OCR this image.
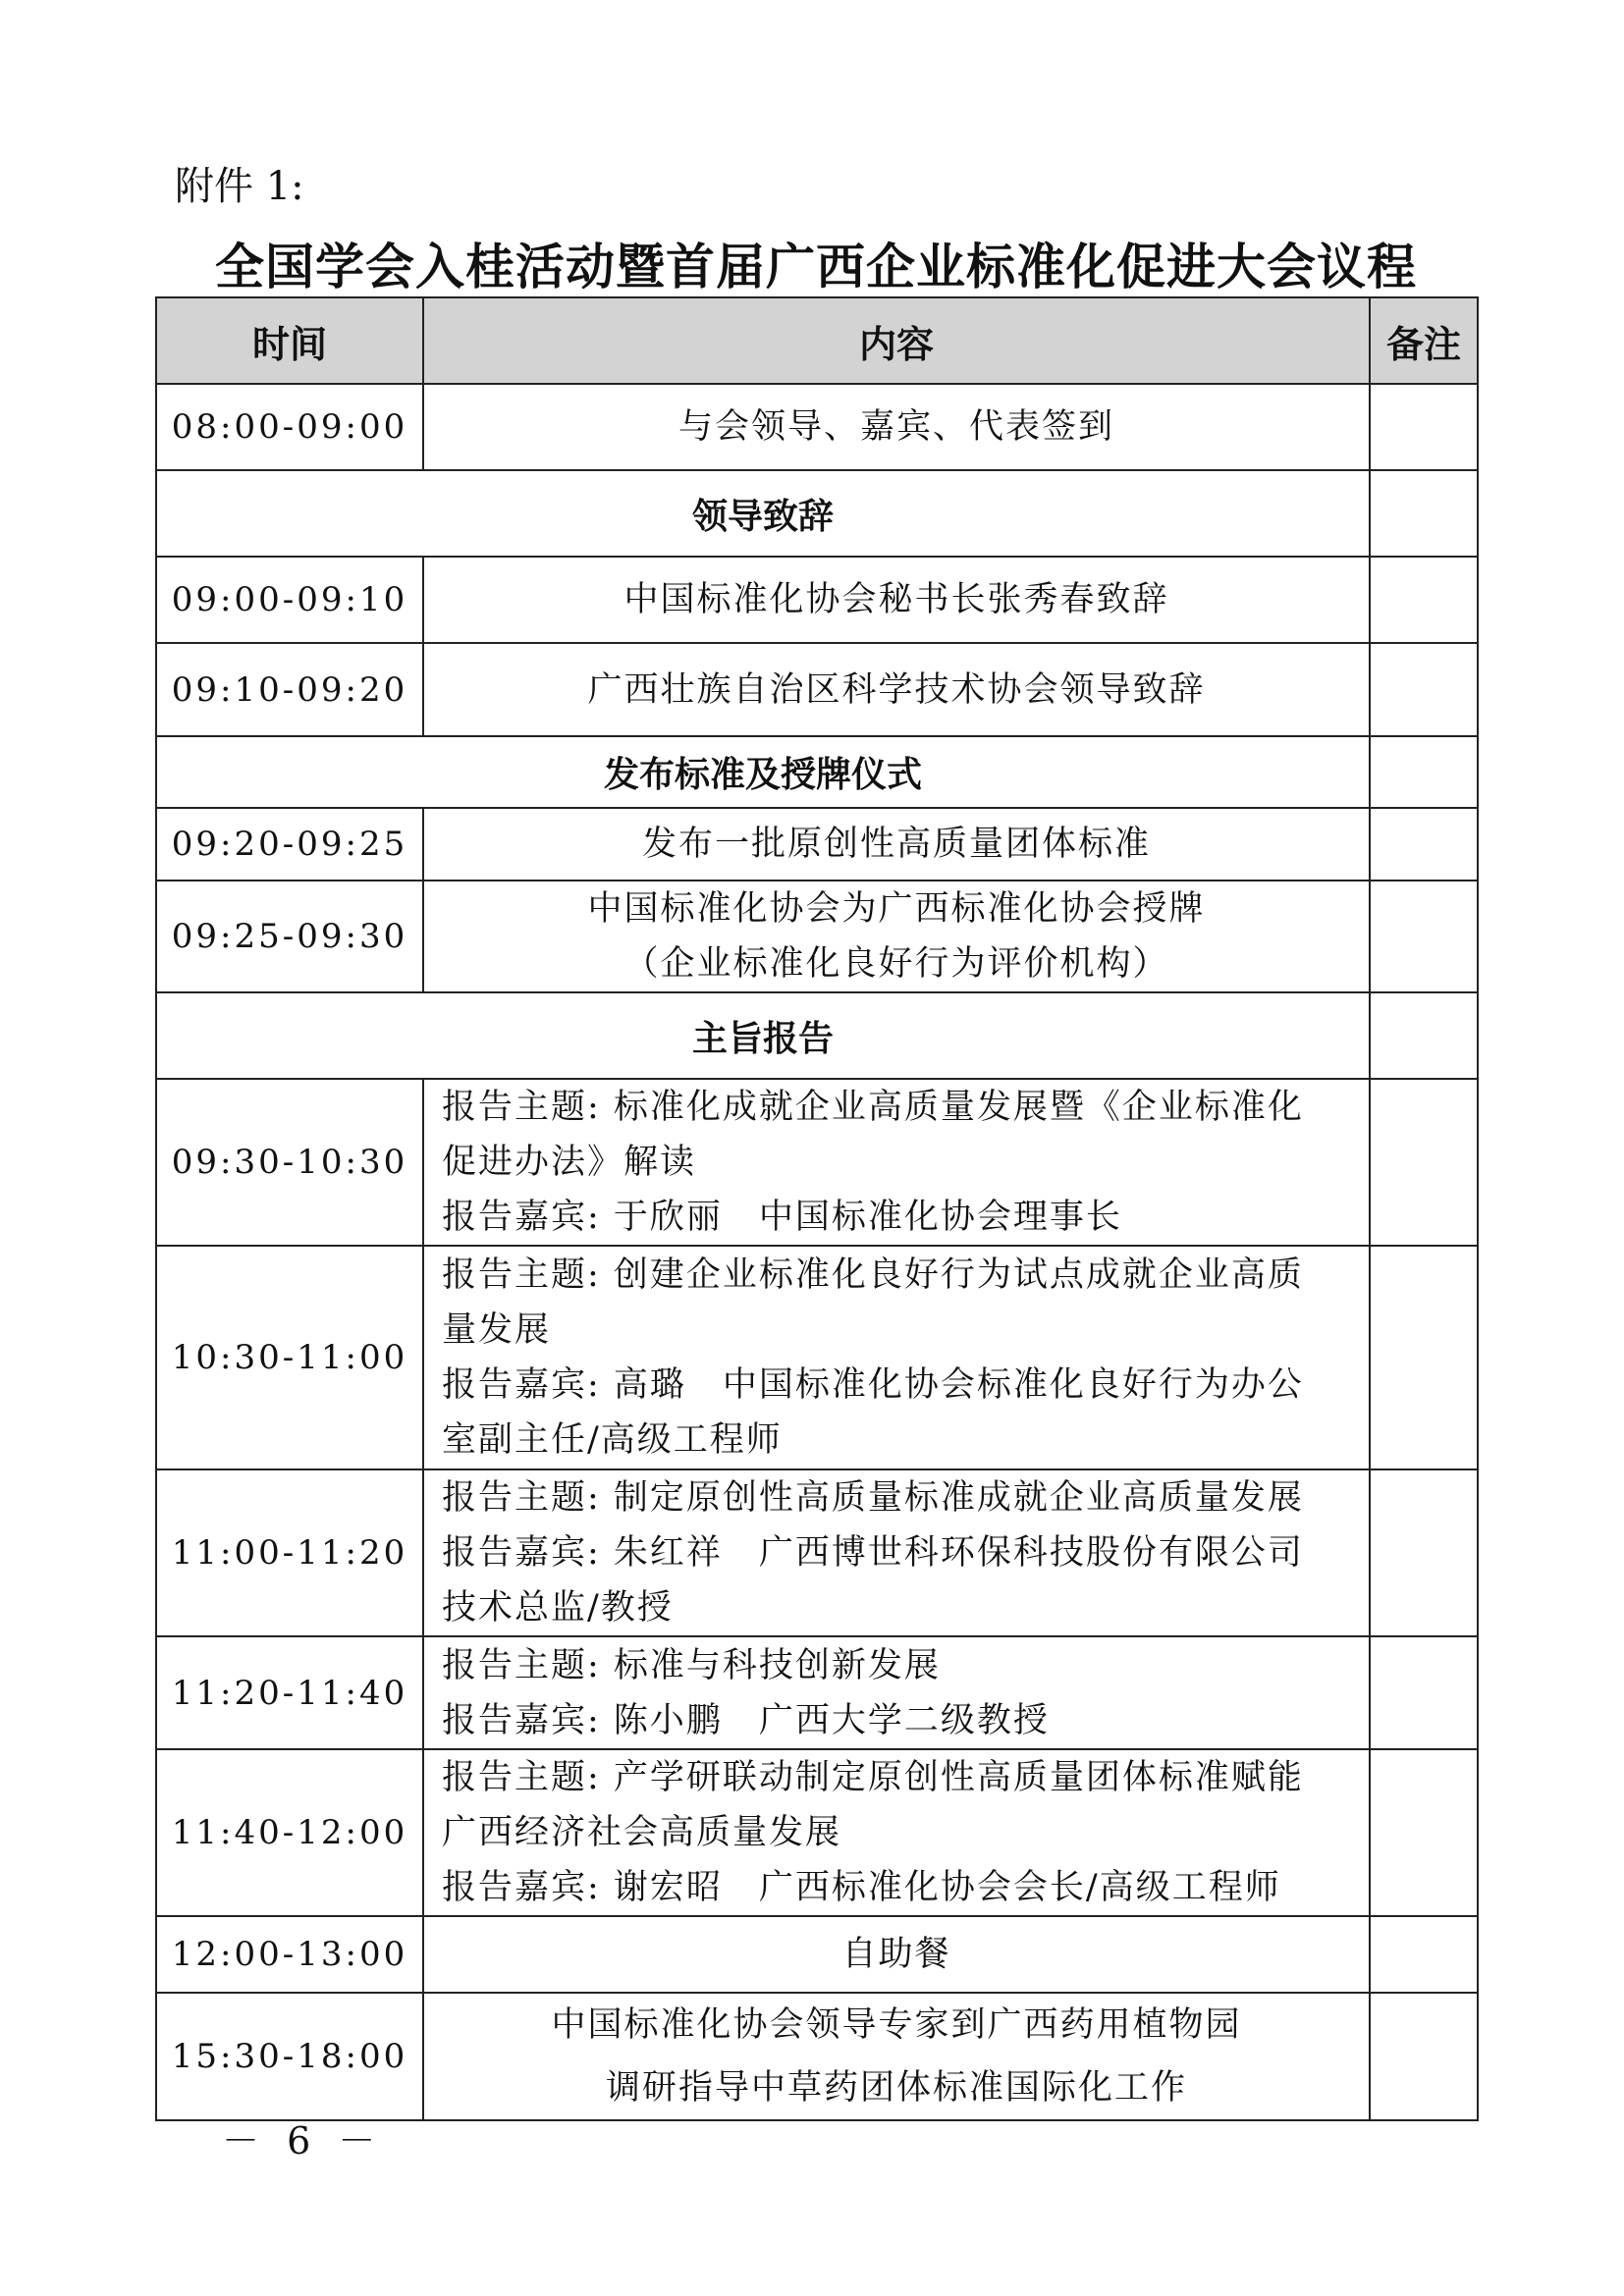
附件 1:
全国学会入桂活动暨首届广西企业标准化促进大会议程
时间	内容	备注
08:00-09:00	与会领导、嘉宾、代表签到	

领导致辞		
09:00-09:10	中国标准化协会秘书长张秀春致辞	

09:10-09:20	广西壮族自治区科学技术协会领导致辞	

发布标准及授牌仪式		
09:20-09:25	发布一批原创性高质量团体标准	

09:25-09:30	中国标准化协会为广西标准化协会授牌
（企业标准化良好行为评价机构）	

主旨报告		
09:30-10:30	报告主题: 标准化成就企业高质量发展暨《企业标准化
促进办法》解读
报告嘉宾: 于欣丽　中国标准化协会理事长	

10:30-11:00	报告主题: 创建企业标准化良好行为试点成就企业高质
量发展
报告嘉宾: 高璐　中国标准化协会标准化良好行为办公
室副主任/高级工程师	

11:00-11:20	报告主题: 制定原创性高质量标准成就企业高质量发展
报告嘉宾: 朱红祥　广西博世科环保科技股份有限公司
技术总监/教授	

11:20-11:40	报告主题: 标准与科技创新发展
报告嘉宾: 陈小鹏　广西大学二级教授	

11:40-12:00	报告主题: 产学研联动制定原创性高质量团体标准赋能
广西经济社会高质量发展
报告嘉宾: 谢宏昭　广西标准化协会会长/高级工程师	

12:00-13:00	自助餐	

15:30-18:00	中国标准化协会领导专家到广西药用植物园
调研指导中草药团体标准国际化工作	

－ 6 －
